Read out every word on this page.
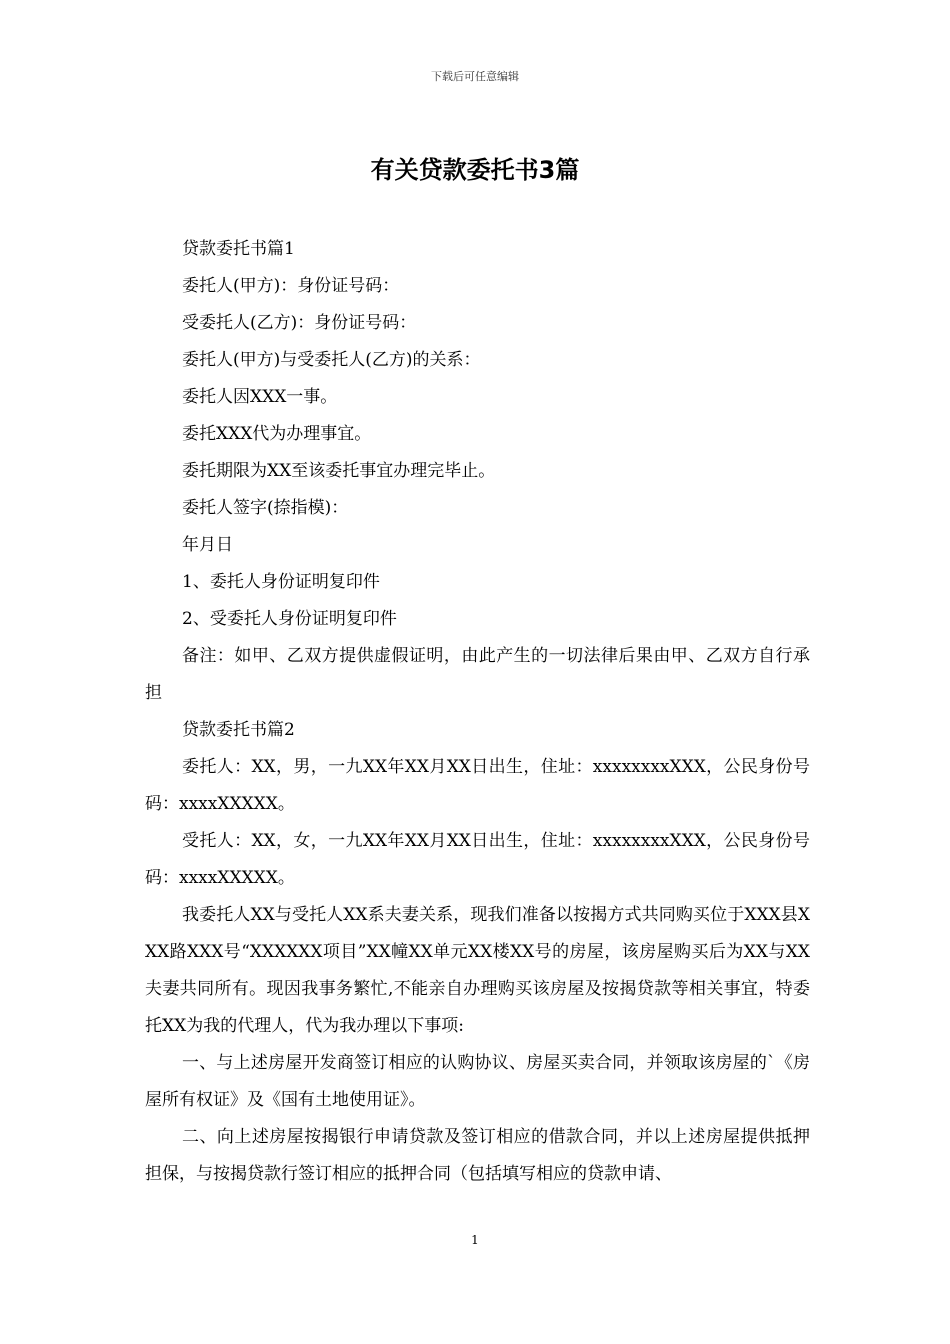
下载后可任意编辑
有关贷款委托书3篇

贷款委托书篇1

委托人(甲方)：身份证号码：

受委托人(乙方)：身份证号码：

委托人(甲方)与受委托人(乙方)的关系：

委托人因XXX一事。

委托XXX代为办理事宜。

委托期限为XX至该委托事宜办理完毕止。

委托人签字(捺指模)：

年月日

1、委托人身份证明复印件

2、受委托人身份证明复印件

备注：如甲、乙双方提供虚假证明，由此产生的一切法律后果由甲、乙双方自行承担

贷款委托书篇2

委托人：XX，男，一九XX年XX月XX日出生，住址：xxxxxxxxXXX，公民身份号码：xxxxXXXXX。

受托人：XX，女，一九XX年XX月XX日出生，住址：xxxxxxxxXXX，公民身份号码：xxxxXXXXX。

我委托人XX与受托人XX系夫妻关系，现我们准备以按揭方式共同购买位于XXX县XXX路XXX号“XXXXXX项目”XX幢XX单元XX楼XX号的房屋，该房屋购买后为XX与XX夫妻共同所有。现因我事务繁忙,不能亲自办理购买该房屋及按揭贷款等相关事宜，特委托XX为我的代理人，代为我办理以下事项:

一、与上述房屋开发商签订相应的认购协议、房屋买卖合同，并领取该房屋的`《房屋所有权证》及《国有土地使用证》。

二、向上述房屋按揭银行申请贷款及签订相应的借款合同，并以上述房屋提供抵押担保，与按揭贷款行签订相应的抵押合同（包括填写相应的贷款申请、

1
